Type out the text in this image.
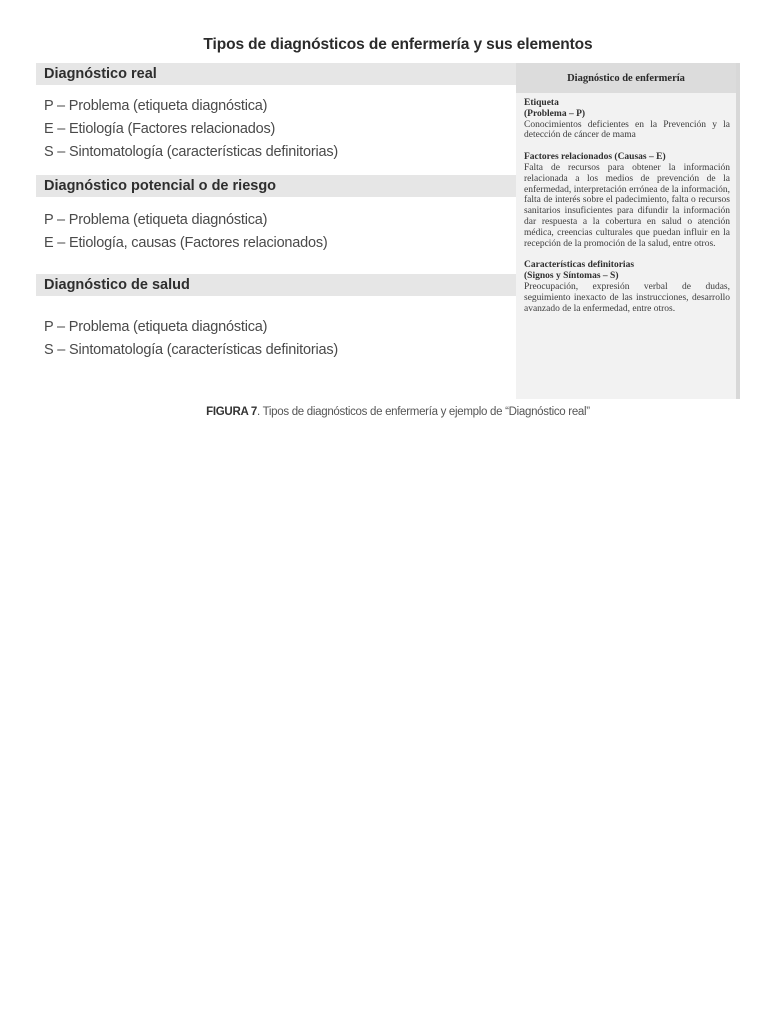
Tipos de diagnósticos de enfermería y sus elementos
Diagnóstico real
P – Problema (etiqueta diagnóstica)
E – Etiología (Factores relacionados)
S – Sintomatología (características definitorias)
Diagnóstico potencial o de riesgo
P – Problema (etiqueta diagnóstica)
E – Etiología, causas (Factores relacionados)
Diagnóstico de salud
P – Problema (etiqueta diagnóstica)
S – Sintomatología (características definitorias)
Diagnóstico de enfermería
Etiqueta
(Problema – P)
Conocimientos deficientes en la Prevención y la detección de cáncer de mama
Factores relacionados (Causas – E)
Falta de recursos para obtener la información relacionada a los medios de prevención de la enfermedad, interpretación errónea de la información, falta de interés sobre el padecimiento, falta o recursos sanitarios insuficientes para difundir la información dar respuesta a la cobertura en salud o atención médica, creencias culturales que puedan influir en la recepción de la promoción de la salud, entre otros.
Características definitorias
(Signos y Síntomas – S)
Preocupación, expresión verbal de dudas, seguimiento inexacto de las instrucciones, desarrollo avanzado de la enfermedad, entre otros.
FIGURA 7. Tipos de diagnósticos de enfermería y ejemplo de “Diagnóstico real”
